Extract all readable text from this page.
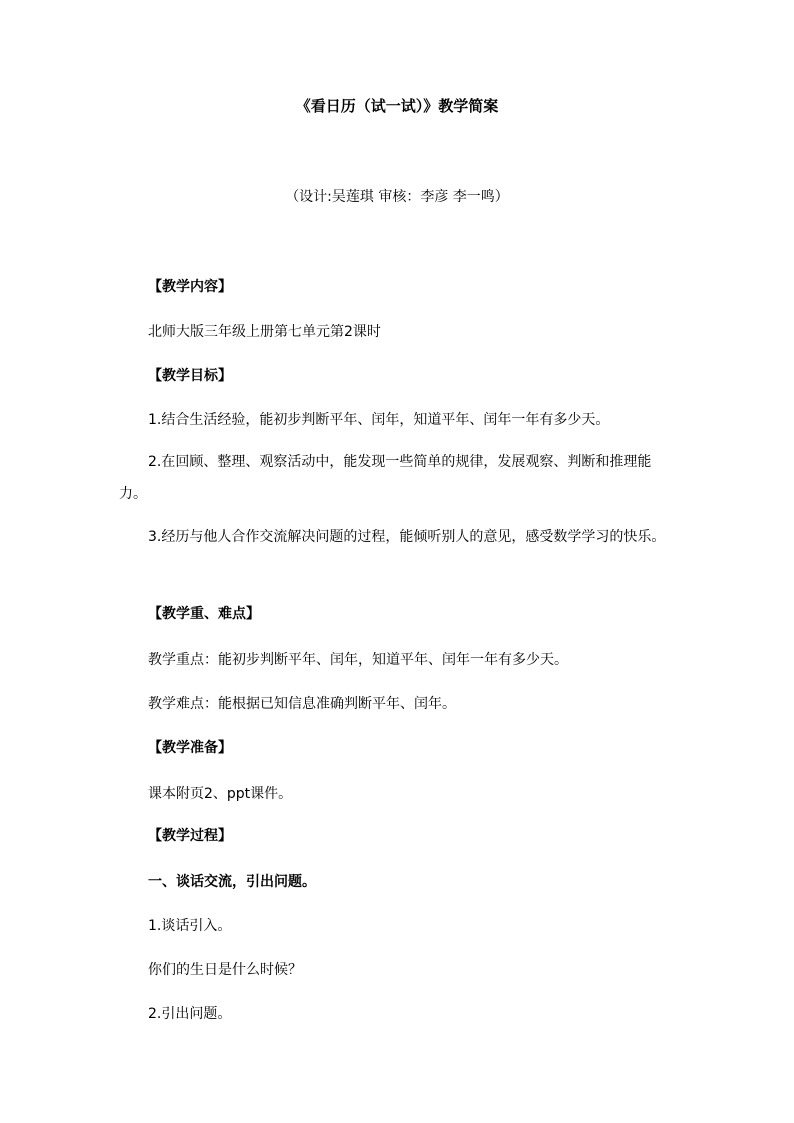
《看日历（试一试）》教学简案
（设计:吴莲琪 审核：李彦 李一鸣）
【教学内容】
北师大版三年级上册第七单元第2课时
【教学目标】
1.结合生活经验，能初步判断平年、闰年，知道平年、闰年一年有多少天。
2.在回顾、整理、观察活动中，能发现一些简单的规律，发展观察、判断和推理能力。
3.经历与他人合作交流解决问题的过程，能倾听别人的意见，感受数学学习的快乐。
【教学重、难点】
教学重点：能初步判断平年、闰年，知道平年、闰年一年有多少天。
教学难点：能根据已知信息准确判断平年、闰年。
【教学准备】
课本附页2、ppt课件。
【教学过程】
一、谈话交流，引出问题。
1.谈话引入。
你们的生日是什么时候？
2.引出问题。
